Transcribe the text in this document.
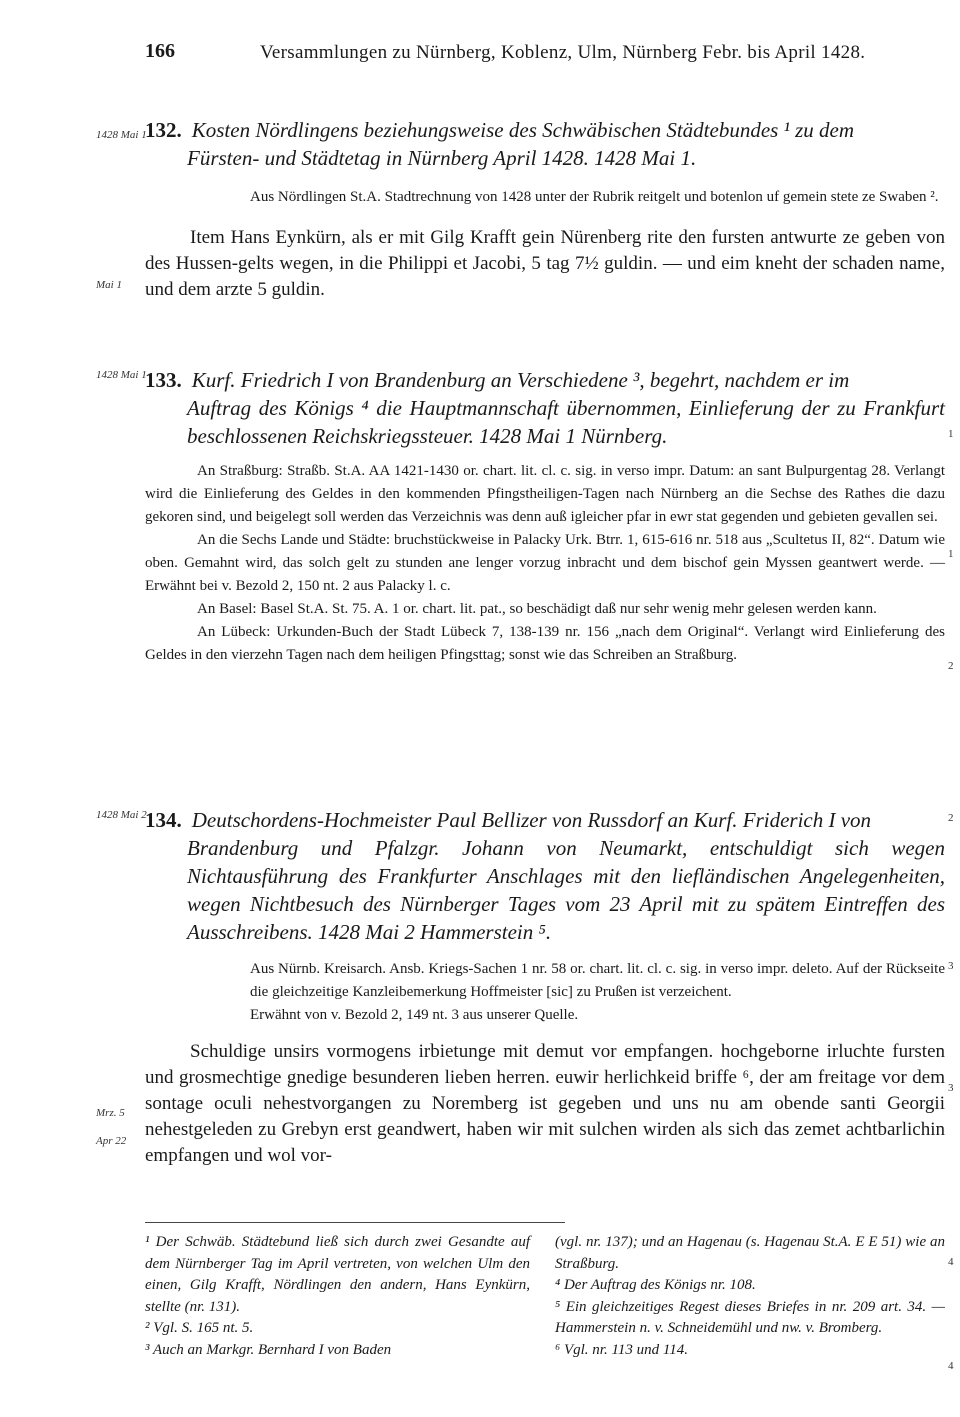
166	Versammlungen zu Nürnberg, Koblenz, Ulm, Nürnberg Febr. bis April 1428.
1428 Mai 1
132. Kosten Nördlingens beziehungsweise des Schwäbischen Städtebundes ¹ zu dem
Fürsten- und Städtetag in Nürnberg April 1428. 1428 Mai 1.
Aus Nördlingen St.A. Stadtrechnung von 1428 unter der Rubrik reitgelt und botenlon uf gemein stete ze Swaben ².
Item Hans Eynkürn, als er mit Gilg Krafft gein Nürenberg rite den fursten antwurte ze geben von des Hussen-gelts wegen, in die Philippi et Jacobi, 5 tag 7½ guldin. — und eim kneht der schaden name, und dem arzte 5 guldin.
Mai 1
1428 Mai 1
133. Kurf. Friedrich I von Brandenburg an Verschiedene ³, begehrt, nachdem er im
Auftrag des Königs ⁴ die Hauptmannschaft übernommen, Einlieferung der zu Frankfurt beschlossenen Reichskriegssteuer. 1428 Mai 1 Nürnberg.
An Straßburg: Straßb. St.A. AA 1421-1430 or. chart. lit. cl. c. sig. in verso impr. Datum: an sant Bulpurgentag 28. Verlangt wird die Einlieferung des Geldes in den kommenden Pfingstheiligen-Tagen nach Nürnberg an die Sechse des Rathes die dazu gekoren sind, und beigelegt soll werden das Verzeichnis was denn auß igleicher pfar in ewr stat gegenden und gebieten gevallen sei.
An die Sechs Lande und Städte: bruchstückweise in Palacky Urk. Btrr. 1, 615-616 nr. 518 aus „Scultetus II, 82“. Datum wie oben. Gemahnt wird, das solch gelt zu stunden ane lenger vorzug inbracht und dem bischof gein Myssen geantwert werde. — Erwähnt bei v. Bezold 2, 150 nt. 2 aus Palacky l. c.
An Basel: Basel St.A. St. 75. A. 1 or. chart. lit. pat., so beschädigt daß nur sehr wenig mehr gelesen werden kann.
An Lübeck: Urkunden-Buch der Stadt Lübeck 7, 138-139 nr. 156 „nach dem Original“. Verlangt wird Einlieferung des Geldes in den vierzehn Tagen nach dem heiligen Pfingsttag; sonst wie das Schreiben an Straßburg.
1428 Mai 2
134. Deutschordens-Hochmeister Paul Bellizer von Russdorf an Kurf. Friderich I von
Brandenburg und Pfalzgr. Johann von Neumarkt, entschuldigt sich wegen Nichtausführung des Frankfurter Anschlages mit den liefländischen Angelegenheiten, wegen Nichtbesuch des Nürnberger Tages vom 23 April mit zu spätem Eintreffen des Ausschreibens. 1428 Mai 2 Hammerstein ⁵.
Aus Nürnb. Kreisarch. Ansb. Kriegs-Sachen 1 nr. 58 or. chart. lit. cl. c. sig. in verso impr. deleto. Auf der Rückseite die gleichzeitige Kanzleibemerkung Hoffmeister [sic] zu Prußen ist verzeichent.
Erwähnt von v. Bezold 2, 149 nt. 3 aus unserer Quelle.
Schuldige unsirs vormogens irbietunge mit demut vor empfangen. hochgeborne irluchte fursten und grosmechtige gnedige besunderen lieben herren. euwir herlichkeid briffe ⁶, der am freitage vor dem sontage oculi nehestvorgangen zu Noremberg ist gegeben und uns nu am obende santi Georgii nehestgeleden zu Grebyn erst geandwert, haben wir mit sulchen wirden als sich das zemet achtbarlichin empfangen und wol vor-
Mrz. 5
Apr 22
1
1
2
2
3
3
4
4

¹ Der Schwäb. Städtebund ließ sich durch zwei Gesandte auf dem Nürnberger Tag im April vertreten, von welchen Ulm den einen, Gilg Krafft, Nördlingen den andern, Hans Eynkürn, stellte (nr. 131).

² Vgl. S. 165 nt. 5.

³ Auch an Markgr. Bernhard I von Baden

(vgl. nr. 137); und an Hagenau (s. Hagenau St.A. E E 51) wie an Straßburg.

⁴ Der Auftrag des Königs nr. 108.

⁵ Ein gleichzeitiges Regest dieses Briefes in nr. 209 art. 34. — Hammerstein n. v. Schneidemühl und nw. v. Bromberg.

⁶ Vgl. nr. 113 und 114.
